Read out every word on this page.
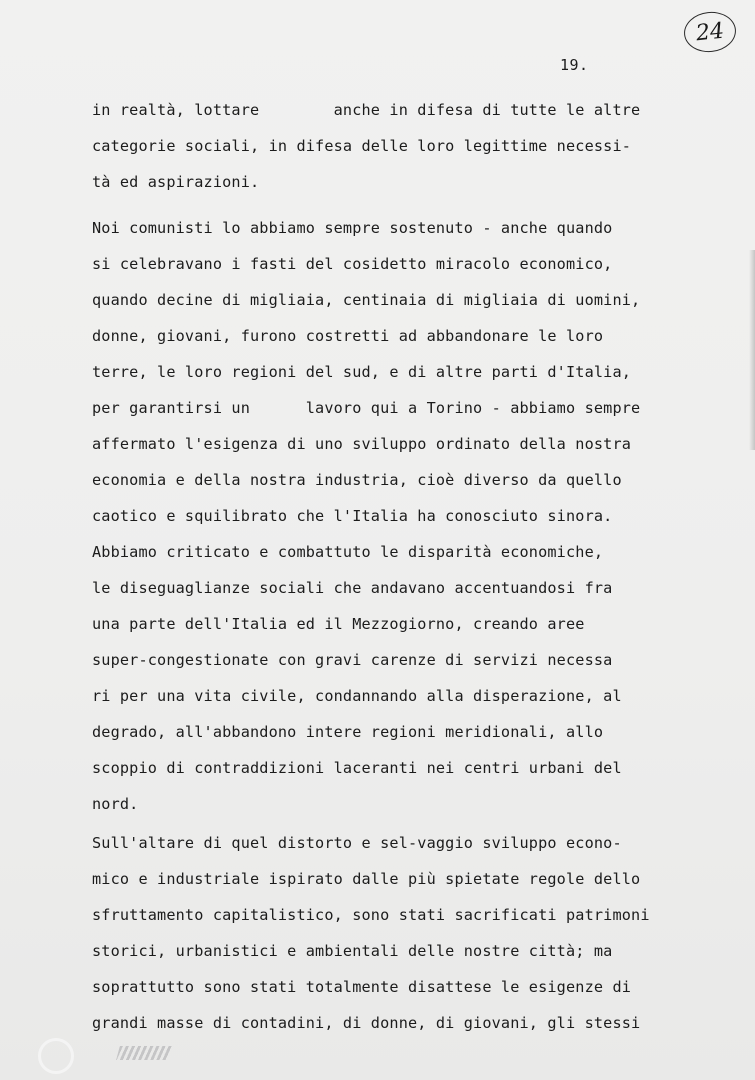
24
19.
in realtà, lottare        anche in difesa di tutte le altre
categorie sociali, in difesa delle loro legittime necessi-
tà ed aspirazioni.
Noi comunisti lo abbiamo sempre sostenuto - anche quando
si celebravano i fasti del cosidetto miracolo economico,
quando decine di migliaia, centinaia di migliaia di uomini,
donne, giovani, furono costretti ad abbandonare le loro
terre, le loro regioni del sud, e di altre parti d'Italia,
per garantirsi un      lavoro qui a Torino - abbiamo sempre
affermato l'esigenza di uno sviluppo ordinato della nostra
economia e della nostra industria, cioè diverso da quello
caotico e squilibrato che l'Italia ha conosciuto sinora.
Abbiamo criticato e combattuto le disparità economiche,
le diseguaglianze sociali che andavano accentuandosi fra
una parte dell'Italia ed il Mezzogiorno, creando aree
super-congestionate con gravi carenze di servizi necessa
ri per una vita civile, condannando alla disperazione, al
degrado, all'abbandono intere regioni meridionali, allo
scoppio di contraddizioni laceranti nei centri urbani del
nord.
Sull'altare di quel distorto e sel-vaggio sviluppo econo-
mico e industriale ispirato dalle più spietate regole dello
sfruttamento capitalistico, sono stati sacrificati patrimoni
storici, urbanistici e ambientali delle nostre città; ma
soprattutto sono stati totalmente disattese le esigenze di
grandi masse di contadini, di donne, di giovani, gli stessi
